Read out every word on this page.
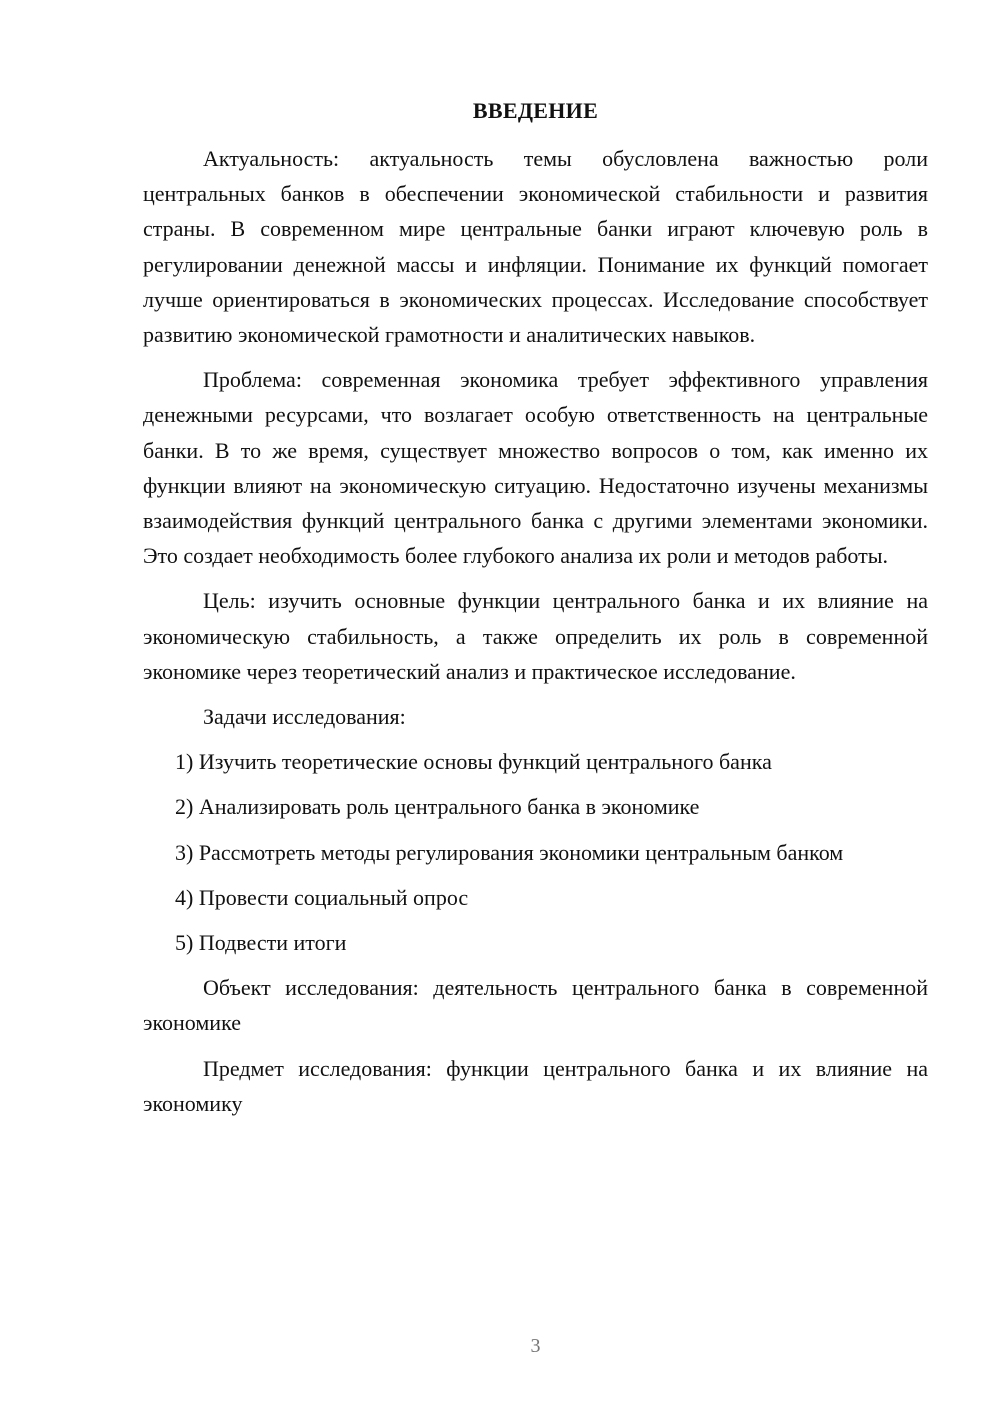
ВВЕДЕНИЕ

Актуальность: актуальность темы обусловлена важностью роли центральных банков в обеспечении экономической стабильности и развития страны. В современном мире центральные банки играют ключевую роль в регулировании денежной массы и инфляции. Понимание их функций помогает лучше ориентироваться в экономических процессах. Исследование способствует развитию экономической грамотности и аналитических навыков.

Проблема: современная экономика требует эффективного управления денежными ресурсами, что возлагает особую ответственность на центральные банки. В то же время, существует множество вопросов о том, как именно их функции влияют на экономическую ситуацию. Недостаточно изучены механизмы взаимодействия функций центрального банка с другими элементами экономики. Это создает необходимость более глубокого анализа их роли и методов работы.

Цель: изучить основные функции центрального банка и их влияние на экономическую стабильность, а также определить их роль в современной экономике через теоретический анализ и практическое исследование.

Задачи исследования:

1) Изучить теоретические основы функций центрального банка

2) Анализировать роль центрального банка в экономике

3) Рассмотреть методы регулирования экономики центральным банком

4) Провести социальный опрос

5) Подвести итоги

Объект исследования: деятельность центрального банка в современной экономике

Предмет исследования: функции центрального банка и их влияние на экономику

3
